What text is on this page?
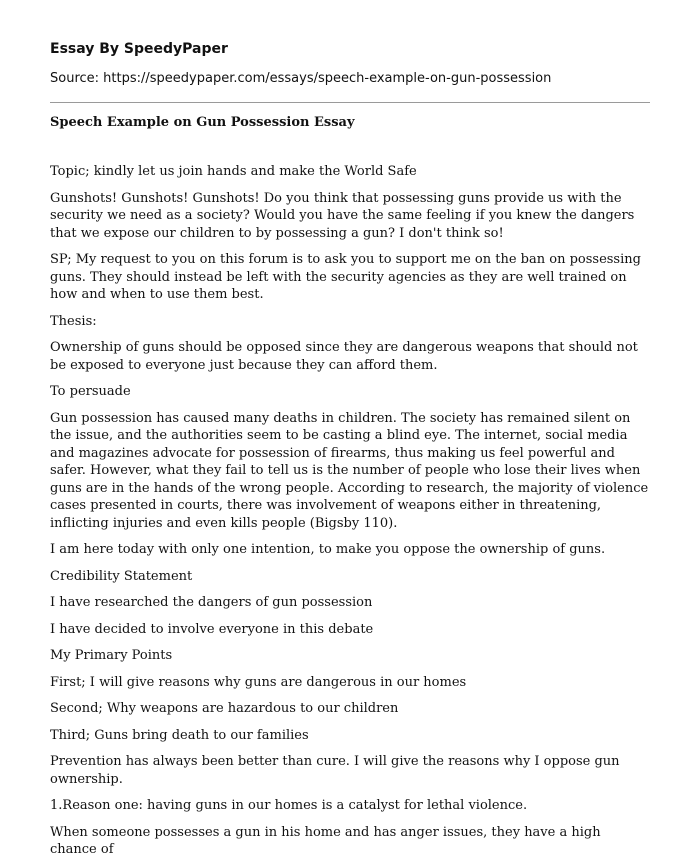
Essay By SpeedyPaper
Source: https://speedypaper.com/essays/speech-example-on-gun-possession
Speech Example on Gun Possession Essay

Topic; kindly let us join hands and make the World Safe

Gunshots! Gunshots! Gunshots! Do you think that possessing guns provide us with the security we need as a society? Would you have the same feeling if you knew the dangers that we expose our children to by possessing a gun? I don't think so!

SP; My request to you on this forum is to ask you to support me on the ban on possessing guns. They should instead be left with the security agencies as they are well trained on how and when to use them best.

Thesis:

Ownership of guns should be opposed since they are dangerous weapons that should not be exposed to everyone just because they can afford them.

To persuade

Gun possession has caused many deaths in children. The society has remained silent on the issue, and the authorities seem to be casting a blind eye. The internet, social media and magazines advocate for possession of firearms, thus making us feel powerful and safer. However, what they fail to tell us is the number of people who lose their lives when guns are in the hands of the wrong people. According to research, the majority of violence cases presented in courts, there was involvement of weapons either in threatening, inflicting injuries and even kills people (Bigsby 110).

I am here today with only one intention, to make you oppose the ownership of guns.

Credibility Statement

I have researched the dangers of gun possession

I have decided to involve everyone in this debate

My Primary Points

First; I will give reasons why guns are dangerous in our homes

Second; Why weapons are hazardous to our children

Third; Guns bring death to our families

Prevention has always been better than cure. I will give the reasons why I oppose gun ownership.

1.Reason one: having guns in our homes is a catalyst for lethal violence.

When someone possesses a gun in his home and has anger issues, they have a high chance of
